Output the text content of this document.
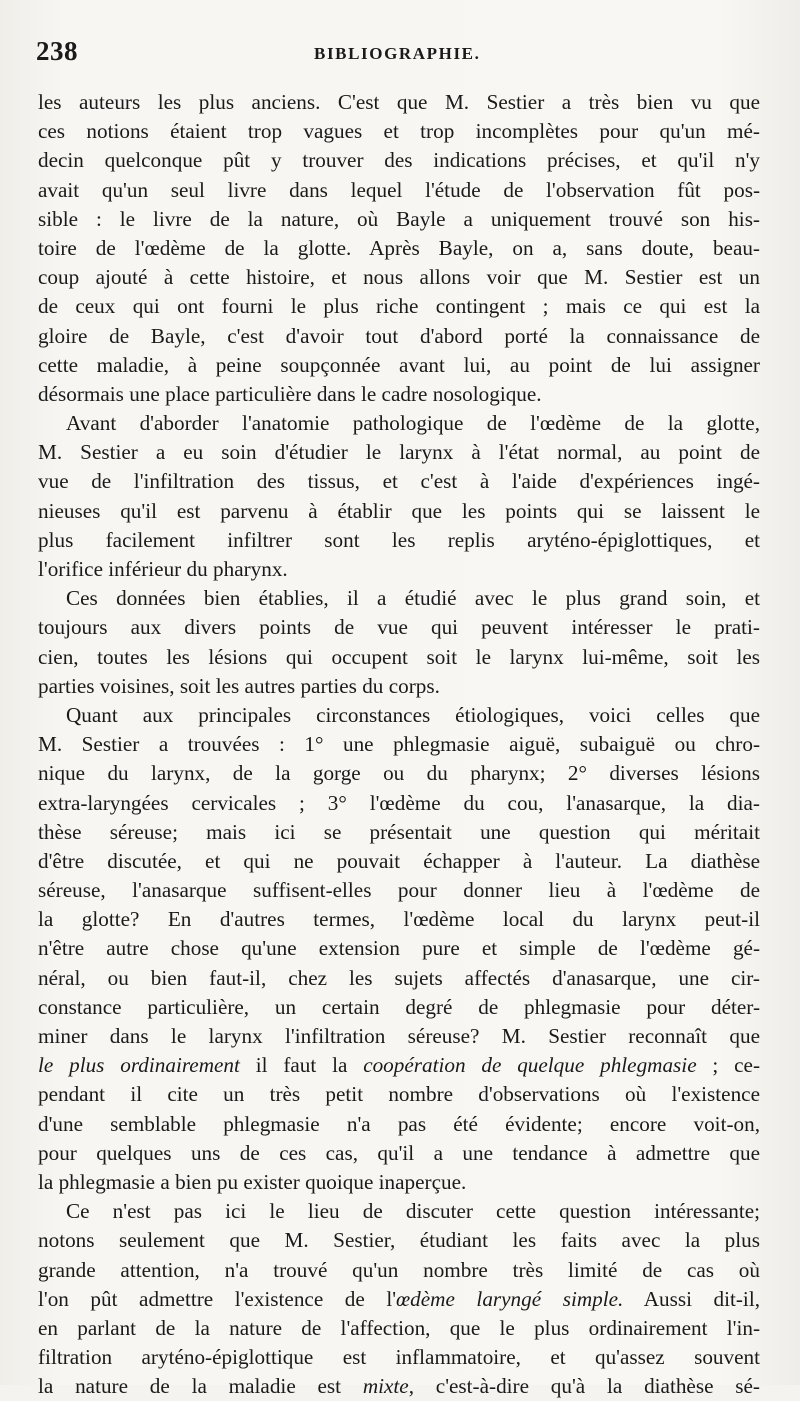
238	BIBLIOGRAPHIE.
les auteurs les plus anciens. C'est que M. Sestier a très bien vu que
ces notions étaient trop vagues et trop incomplètes pour qu'un mé-
decin quelconque pût y trouver des indications précises, et qu'il n'y
avait qu'un seul livre dans lequel l'étude de l'observation fût pos-
sible : le livre de la nature, où Bayle a uniquement trouvé son his-
toire de l'œdème de la glotte. Après Bayle, on a, sans doute, beau-
coup ajouté à cette histoire, et nous allons voir que M. Sestier est un
de ceux qui ont fourni le plus riche contingent ; mais ce qui est la
gloire de Bayle, c'est d'avoir tout d'abord porté la connaissance de
cette maladie, à peine soupçonnée avant lui, au point de lui assigner
désormais une place particulière dans le cadre nosologique.
Avant d'aborder l'anatomie pathologique de l'œdème de la glotte,
M. Sestier a eu soin d'étudier le larynx à l'état normal, au point de
vue de l'infiltration des tissus, et c'est à l'aide d'expériences ingé-
nieuses qu'il est parvenu à établir que les points qui se laissent le
plus facilement infiltrer sont les replis aryténo-épiglottiques, et
l'orifice inférieur du pharynx.
Ces données bien établies, il a étudié avec le plus grand soin, et
toujours aux divers points de vue qui peuvent intéresser le prati-
cien, toutes les lésions qui occupent soit le larynx lui-même, soit les
parties voisines, soit les autres parties du corps.
Quant aux principales circonstances étiologiques, voici celles que
M. Sestier a trouvées : 1° une phlegmasie aiguë, subaiguë ou chro-
nique du larynx, de la gorge ou du pharynx; 2° diverses lésions
extra-laryngées cervicales ; 3° l'œdème du cou, l'anasarque, la dia-
thèse séreuse; mais ici se présentait une question qui méritait
d'être discutée, et qui ne pouvait échapper à l'auteur. La diathèse
séreuse, l'anasarque suffisent-elles pour donner lieu à l'œdème de
la glotte? En d'autres termes, l'œdème local du larynx peut-il
n'être autre chose qu'une extension pure et simple de l'œdème gé-
néral, ou bien faut-il, chez les sujets affectés d'anasarque, une cir-
constance particulière, un certain degré de phlegmasie pour déter-
miner dans le larynx l'infiltration séreuse? M. Sestier reconnaît que
le plus ordinairement il faut la coopération de quelque phlegmasie ; ce-
pendant il cite un très petit nombre d'observations où l'existence
d'une semblable phlegmasie n'a pas été évidente; encore voit-on,
pour quelques uns de ces cas, qu'il a une tendance à admettre que
la phlegmasie a bien pu exister quoique inaperçue.
Ce n'est pas ici le lieu de discuter cette question intéressante;
notons seulement que M. Sestier, étudiant les faits avec la plus
grande attention, n'a trouvé qu'un nombre très limité de cas où
l'on pût admettre l'existence de l'œdème laryngé simple. Aussi dit-il,
en parlant de la nature de l'affection, que le plus ordinairement l'in-
filtration aryténo-épiglottique est inflammatoire, et qu'assez souvent
la nature de la maladie est mixte, c'est-à-dire qu'à la diathèse sé-
